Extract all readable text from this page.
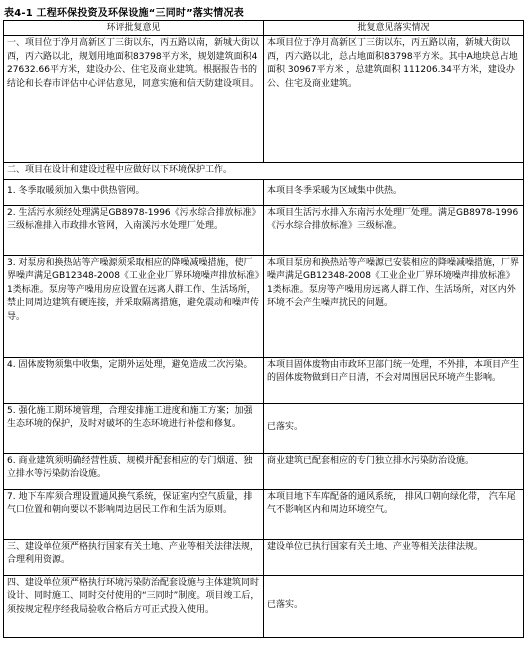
表4-1 工程环保投资及环保设施“三同时”落实情况表
环评批复意见	批复意见落实情况
一、项目位于净月高新区丁三街以东，丙五路以南，新城大街以西，丙六路以北，规划用地面积83798平方米，规划建筑面积427632.66平方米，建设办公、住宅及商业建筑。根据报告书的结论和长春市评估中心评估意见，同意实施和信天防建设项目。	本项目位于净月高新区丁三街以东，丙五路以南，新城大街以西，丙六路以北，总占地面积83798平方米。其中A地块总占地面积 30967平方米 ，总建筑面积 111206.34平方米，建设办公、住宅及商业建筑。
二、项目在设计和建设过程中应做好以下环境保护工作。	
1. 冬季取暖须加入集中供热管网。	本项目冬季采暖为区域集中供热。
2. 生活污水须经处理满足GB8978-1996《污水综合排放标准》三级标准排入市政排水管网，入南溪污水处理厂处理。	本项目生活污水排入东南污水处理厂处理。满足GB8978-1996《污水综合排放标准》三级标准。
3. 对泵房和换热站等产噪源须采取相应的降噪减噪措施，使厂界噪声满足GB12348-2008《工业企业厂界环境噪声排放标准》1类标准。泵房等产噪用房应设置在远离人群工作、生活场所，禁止同周边建筑有硬连接，并采取隔离措施，避免震动和噪声传导。	本项目泵房和换热站等产噪源已安装相应的降噪减噪措施，厂界噪声满足GB12348-2008《工业企业厂界环境噪声排放标准》1类标准。泵房等产噪用房远离人群工作、生活场所，对区内外环境不会产生噪声扰民的问题。
4. 固体废物须集中收集，定期外运处理，避免造成二次污染。	本项目固体废物由市政环卫部门统一处理，不外排，本项目产生的固体废物做到日产日清，不会对周围居民环境产生影响。
5. 强化施工期环境管理，合理安排施工进度和施工方案；加强生态环境的保护，及时对破坏的生态环境进行补偿和修复。	已落实。
6. 商业建筑须明确经营性质、规模并配套相应的专门烟道、独立排水等污染防治设施。	商业建筑已配套相应的专门独立排水污染防治设施。
7. 地下车库须合理设置通风换气系统，保证室内空气质量，排气口位置和朝向要以不影响周边居民工作和生活为原则。	本项目地下车库配备的通风系统， 排风口朝向绿化带， 汽车尾气不影响区内和周边环境空气。
三、建设单位须严格执行国家有关土地、产业等相关法律法规，合理利用资源。	建设单位已执行国家有关土地、产业等相关法律法规。
四、建设单位须严格执行环境污染防治配套设施与主体建筑同时设计、同时施工、同时交付使用的“三同时”制度。项目竣工后，须按规定程序经我局验收合格后方可正式投入使用。	已落实。
